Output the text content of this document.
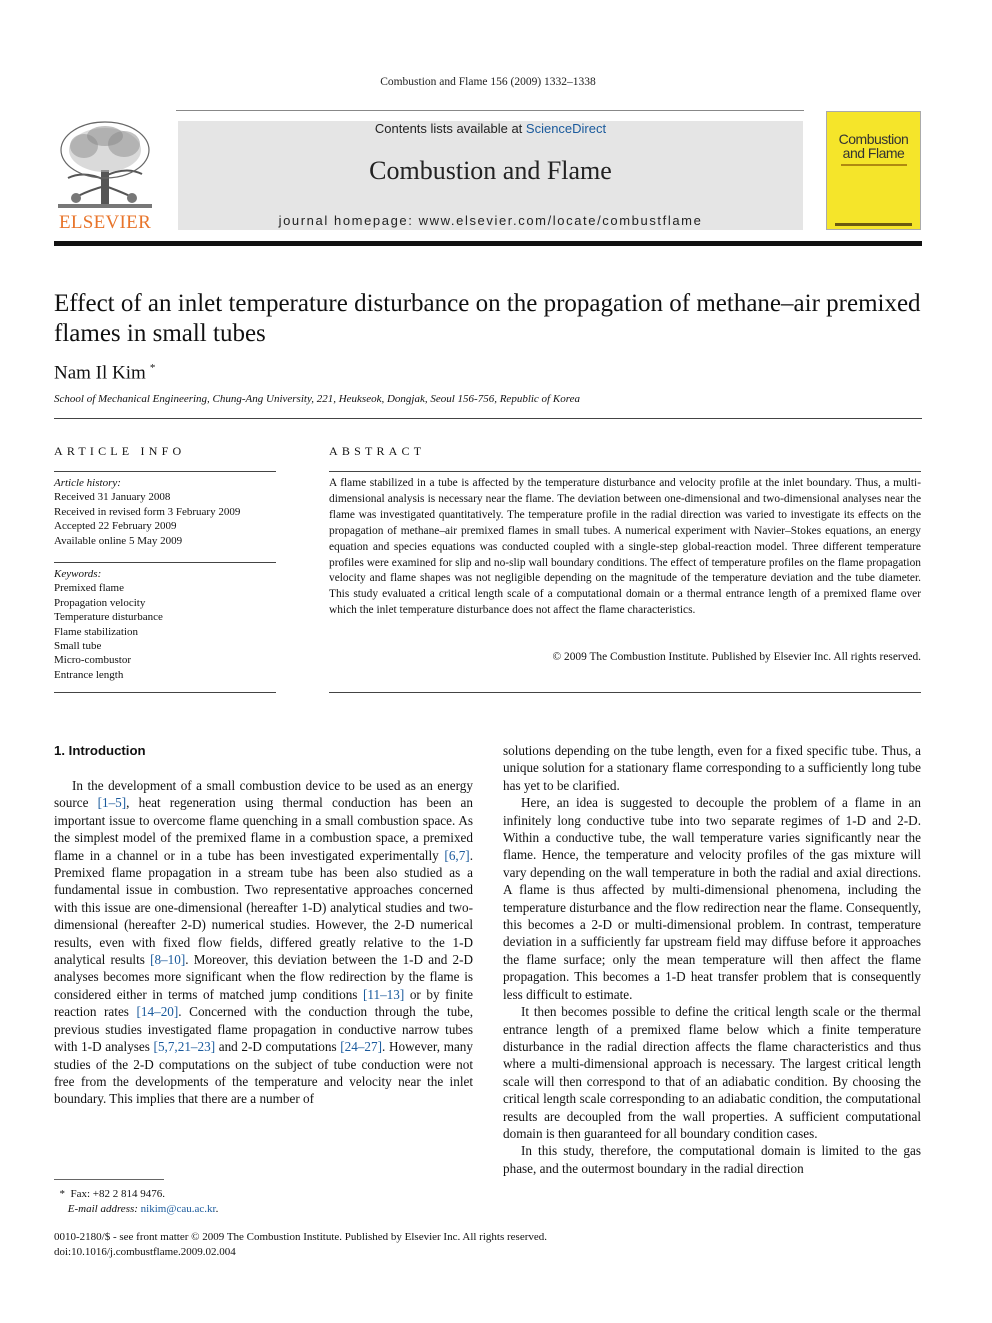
Combustion and Flame 156 (2009) 1332–1338
ELSEVIER
Contents lists available at ScienceDirect
Combustion and Flame
journal homepage: www.elsevier.com/locate/combustflame
Combustion and Flame
Effect of an inlet temperature disturbance on the propagation of methane–air premixed flames in small tubes
Nam Il Kim *
School of Mechanical Engineering, Chung-Ang University, 221, Heukseok, Dongjak, Seoul 156-756, Republic of Korea
ARTICLE INFO
Article history:
Received 31 January 2008
Received in revised form 3 February 2009
Accepted 22 February 2009
Available online 5 May 2009
Keywords:
Premixed flame
Propagation velocity
Temperature disturbance
Flame stabilization
Small tube
Micro-combustor
Entrance length
ABSTRACT
A flame stabilized in a tube is affected by the temperature disturbance and velocity profile at the inlet boundary. Thus, a multi-dimensional analysis is necessary near the flame. The deviation between one-dimensional and two-dimensional analyses near the flame was investigated quantitatively. The temperature profile in the radial direction was varied to investigate its effects on the propagation of methane–air premixed flames in small tubes. A numerical experiment with Navier–Stokes equations, an energy equation and species equations was conducted coupled with a single-step global-reaction model. Three different temperature profiles were examined for slip and no-slip wall boundary conditions. The effect of temperature profiles on the flame propagation velocity and flame shapes was not negligible depending on the magnitude of the temperature deviation and the tube diameter. This study evaluated a critical length scale of a computational domain or a thermal entrance length of a premixed flame over which the inlet temperature disturbance does not affect the flame characteristics.
© 2009 The Combustion Institute. Published by Elsevier Inc. All rights reserved.
1. Introduction

In the development of a small combustion device to be used as an energy source [1–5], heat regeneration using thermal conduction has been an important issue to overcome flame quenching in a small combustion space. As the simplest model of the premixed flame in a combustion space, a premixed flame in a channel or in a tube has been investigated experimentally [6,7]. Premixed flame propagation in a stream tube has been also studied as a fundamental issue in combustion. Two representative approaches concerned with this issue are one-dimensional (hereafter 1-D) analytical studies and two-dimensional (hereafter 2-D) numerical studies. However, the 2-D numerical results, even with fixed flow fields, differed greatly relative to the 1-D analytical results [8–10]. Moreover, this deviation between the 1-D and 2-D analyses becomes more significant when the flow redirection by the flame is considered either in terms of matched jump conditions [11–13] or by finite reaction rates [14–20]. Concerned with the conduction through the tube, previous studies investigated flame propagation in conductive narrow tubes with 1-D analyses [5,7,21–23] and 2-D computations [24–27]. However, many studies of the 2-D computations on the subject of tube conduction were not free from the developments of the temperature and velocity near the inlet boundary. This implies that there are a number of

solutions depending on the tube length, even for a fixed specific tube. Thus, a unique solution for a stationary flame corresponding to a sufficiently long tube has yet to be clarified.

Here, an idea is suggested to decouple the problem of a flame in an infinitely long conductive tube into two separate regimes of 1-D and 2-D. Within a conductive tube, the wall temperature varies significantly near the flame. Hence, the temperature and velocity profiles of the gas mixture will vary depending on the wall temperature in both the radial and axial directions. A flame is thus affected by multi-dimensional phenomena, including the temperature disturbance and the flow redirection near the flame. Consequently, this becomes a 2-D or multi-dimensional problem. In contrast, temperature deviation in a sufficiently far upstream field may diffuse before it approaches the flame surface; only the mean temperature will then affect the flame propagation. This becomes a 1-D heat transfer problem that is consequently less difficult to estimate.

It then becomes possible to define the critical length scale or the thermal entrance length of a premixed flame below which a finite temperature disturbance in the radial direction affects the flame characteristics and thus where a multi-dimensional approach is necessary. The largest critical length scale will then correspond to that of an adiabatic condition. By choosing the critical length scale corresponding to an adiabatic condition, the computational results are decoupled from the wall properties. A sufficient computational domain is then guaranteed for all boundary condition cases.

In this study, therefore, the computational domain is limited to the gas phase, and the outermost boundary in the radial direction

* Fax: +82 2 814 9476.
E-mail address: nikim@cau.ac.kr.
0010-2180/$ - see front matter © 2009 The Combustion Institute. Published by Elsevier Inc. All rights reserved.
doi:10.1016/j.combustflame.2009.02.004
